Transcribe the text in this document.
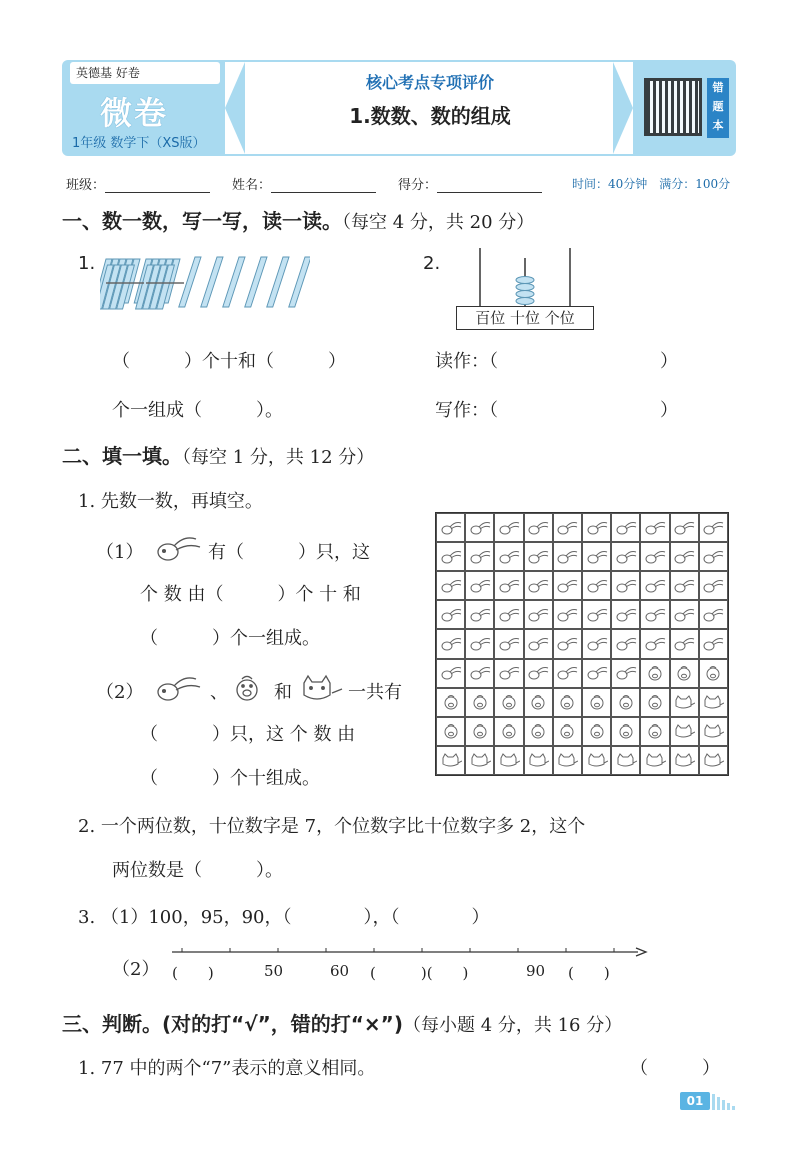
英德基 好卷
微卷
1年级 数学下（XS版）
核心考点专项评价
1.数数、数的组成
错
题
本
班级：	姓名：	得分：	时间：40分钟　满分：100分
一、数一数，写一写，读一读。（每空 4 分，共 20 分）
1.	2.
百位 十位 个位
（　　　）个十和（　　　）	读作：（　　　　　　　　　）
个一组成（　　　）。	写作：（　　　　　　　　　）
二、填一填。（每空 1 分，共 12 分）
1. 先数一数，再填空。
（1）	有（　　　）只，这
个 数 由（　　　）个 十 和
（　　　）个一组成。
（2）	、	和	一共有
（　　　）只，这 个 数 由
（　　　）个十组成。
2. 一个两位数，十位数字是 7，个位数字比十位数字多 2，这个
两位数是（　　　）。
3. （1）100，95，90，（　　　　），（　　　　）
（2） (　　)	50	60 (　　　)(　　)	90 (　　)
三、判断。(对的打“√”，错的打“×”)（每小题 4 分，共 16 分）
1. 77 中的两个“7”表示的意义相同。	（　　　）
01
